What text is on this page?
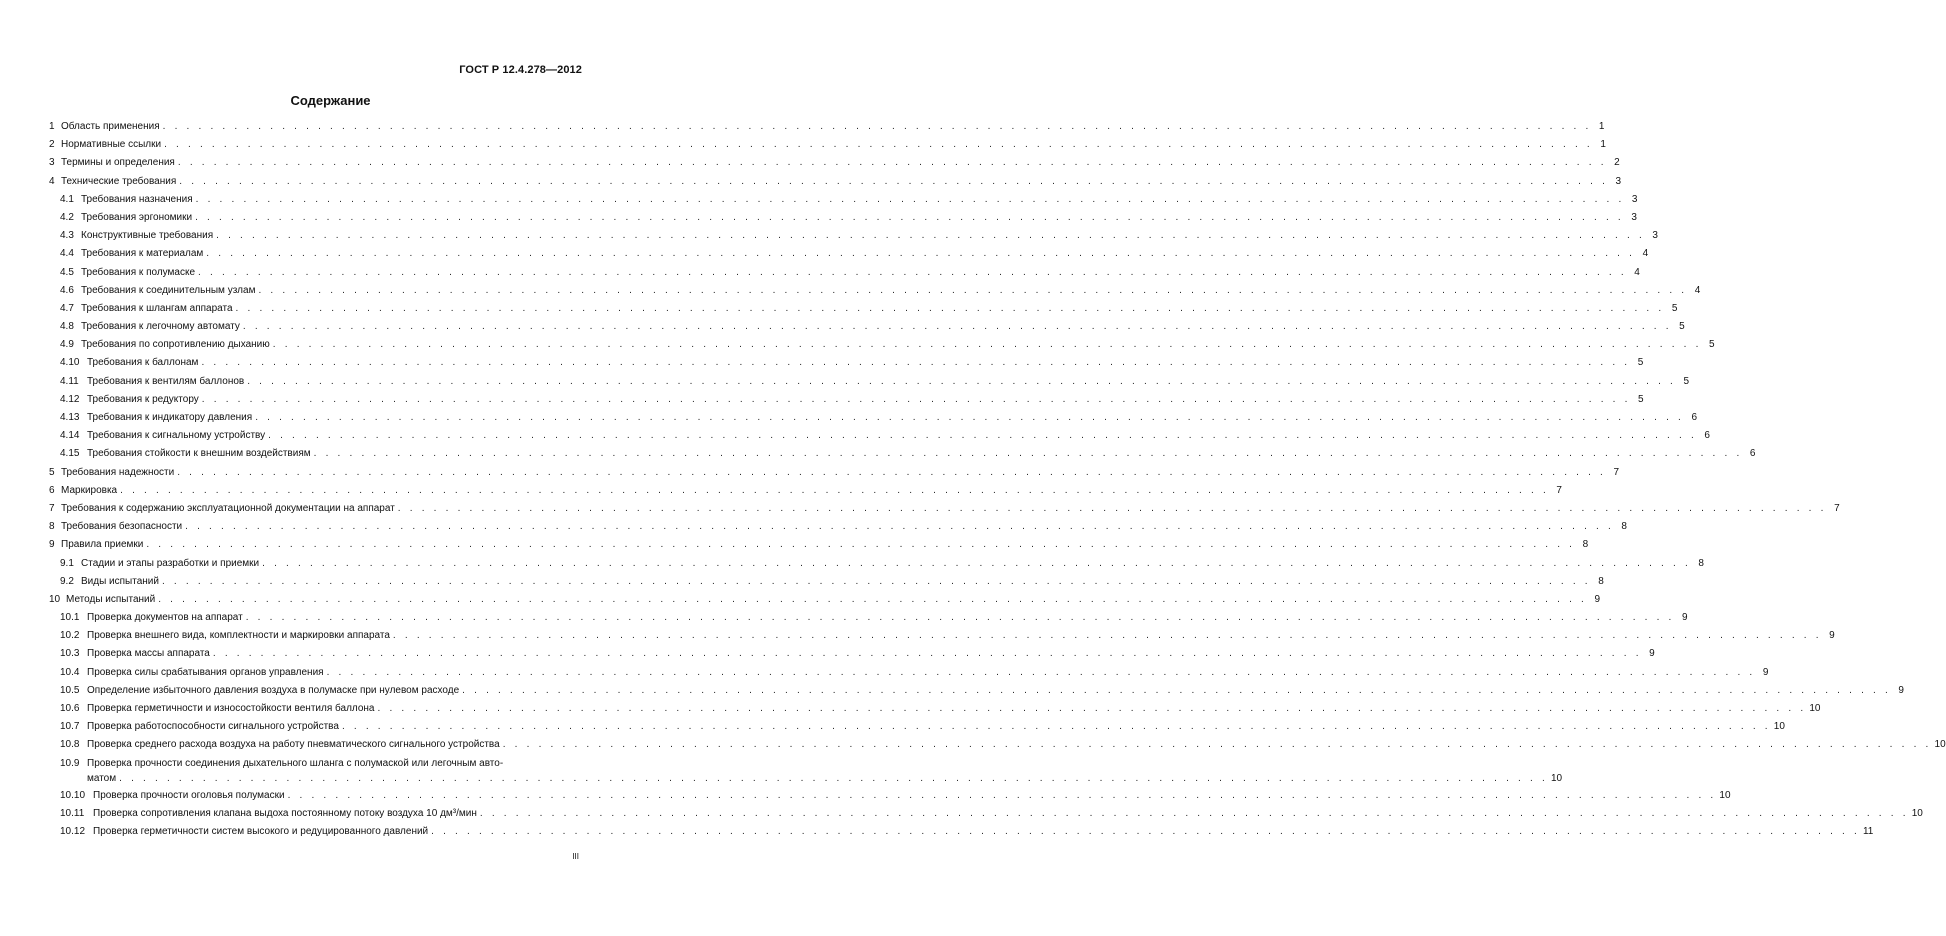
ГОСТ Р 12.4.278—2012
Содержание
1 Область применения . . . . . . . . . . . . . . . . . . . . . . . . . . . . . . . . . . . . . . . . . . . . . . . . . . . . . . . . . . . . . . . . . . . . . . . . . . . . . . . . . . . . . . . . . . . . . . . . . . . . . . . . . . . . . . . . . . . . . . . . 1
2 Нормативные ссылки . . . . . . . . . . . . . . . . . . . . . . . . . . . . . . . . . . . . . . . . . . . . . . . . . . . . . . . . . . . . . . . . . . . . . . . . . . . . . . . . . . . . . . . . . . . . . . . . . . . . . . . . . . . . . . . . . . . . . . . . 1
3 Термины и определения . . . . . . . . . . . . . . . . . . . . . . . . . . . . . . . . . . . . . . . . . . . . . . . . . . . . . . . . . . . . . . . . . . . . . . . . . . . . . . . . . . . . . . . . . . . . . . . . . . . . . . . . . . . . . . . . . . . . . . . . 2
4 Технические требования . . . . . . . . . . . . . . . . . . . . . . . . . . . . . . . . . . . . . . . . . . . . . . . . . . . . . . . . . . . . . . . . . . . . . . . . . . . . . . . . . . . . . . . . . . . . . . . . . . . . . . . . . . . . . . . . . . . . . . . . 3
4.1 Требования назначения . . . . . . . . . . . . . . . . . . . . . . . . . . . . . . . . . . . . . . . . . . . . . . . . . . . . . . . . . . . . . . . . . . . . . . . . . . . . . . . . . . . . . . . . . . . . . . . . . . . . . . . . . . . . . . . . . . . . . . . . 3
4.2 Требования эргономики . . . . . . . . . . . . . . . . . . . . . . . . . . . . . . . . . . . . . . . . . . . . . . . . . . . . . . . . . . . . . . . . . . . . . . . . . . . . . . . . . . . . . . . . . . . . . . . . . . . . . . . . . . . . . . . . . . . . . . . . 3
4.3 Конструктивные требования . . . . . . . . . . . . . . . . . . . . . . . . . . . . . . . . . . . . . . . . . . . . . . . . . . . . . . . . . . . . . . . . . . . . . . . . . . . . . . . . . . . . . . . . . . . . . . . . . . . . . . . . . . . . . . . . . . . . . . . . 3
4.4 Требования к материалам . . . . . . . . . . . . . . . . . . . . . . . . . . . . . . . . . . . . . . . . . . . . . . . . . . . . . . . . . . . . . . . . . . . . . . . . . . . . . . . . . . . . . . . . . . . . . . . . . . . . . . . . . . . . . . . . . . . . . . . . 4
4.5 Требования к полумаске . . . . . . . . . . . . . . . . . . . . . . . . . . . . . . . . . . . . . . . . . . . . . . . . . . . . . . . . . . . . . . . . . . . . . . . . . . . . . . . . . . . . . . . . . . . . . . . . . . . . . . . . . . . . . . . . . . . . . . . . 4
4.6 Требования к соединительным узлам . . . . . . . . . . . . . . . . . . . . . . . . . . . . . . . . . . . . . . . . . . . . . . . . . . . . . . . . . . . . . . . . . . . . . . . . . . . . . . . . . . . . . . . . . . . . . . . . . . . . . . . . . . . . . . . . . . . . . . . . 4
4.7 Требования к шлангам аппарата . . . . . . . . . . . . . . . . . . . . . . . . . . . . . . . . . . . . . . . . . . . . . . . . . . . . . . . . . . . . . . . . . . . . . . . . . . . . . . . . . . . . . . . . . . . . . . . . . . . . . . . . . . . . . . . . . . . . . . . . 5
4.8 Требования к легочному автомату . . . . . . . . . . . . . . . . . . . . . . . . . . . . . . . . . . . . . . . . . . . . . . . . . . . . . . . . . . . . . . . . . . . . . . . . . . . . . . . . . . . . . . . . . . . . . . . . . . . . . . . . . . . . . . . . . . . . . . . . 5
4.9 Требования по сопротивлению дыханию . . . . . . . . . . . . . . . . . . . . . . . . . . . . . . . . . . . . . . . . . . . . . . . . . . . . . . . . . . . . . . . . . . . . . . . . . . . . . . . . . . . . . . . . . . . . . . . . . . . . . . . . . . . . . . . . . . . . . . . . 5
4.10 Требования к баллонам . . . . . . . . . . . . . . . . . . . . . . . . . . . . . . . . . . . . . . . . . . . . . . . . . . . . . . . . . . . . . . . . . . . . . . . . . . . . . . . . . . . . . . . . . . . . . . . . . . . . . . . . . . . . . . . . . . . . . . . . 5
4.11 Требования к вентилям баллонов . . . . . . . . . . . . . . . . . . . . . . . . . . . . . . . . . . . . . . . . . . . . . . . . . . . . . . . . . . . . . . . . . . . . . . . . . . . . . . . . . . . . . . . . . . . . . . . . . . . . . . . . . . . . . . . . . . . . . . . . 5
4.12 Требования к редуктору . . . . . . . . . . . . . . . . . . . . . . . . . . . . . . . . . . . . . . . . . . . . . . . . . . . . . . . . . . . . . . . . . . . . . . . . . . . . . . . . . . . . . . . . . . . . . . . . . . . . . . . . . . . . . . . . . . . . . . . . 5
4.13 Требования к индикатору давления . . . . . . . . . . . . . . . . . . . . . . . . . . . . . . . . . . . . . . . . . . . . . . . . . . . . . . . . . . . . . . . . . . . . . . . . . . . . . . . . . . . . . . . . . . . . . . . . . . . . . . . . . . . . . . . . . . . . . . . . 6
4.14 Требования к сигнальному устройству . . . . . . . . . . . . . . . . . . . . . . . . . . . . . . . . . . . . . . . . . . . . . . . . . . . . . . . . . . . . . . . . . . . . . . . . . . . . . . . . . . . . . . . . . . . . . . . . . . . . . . . . . . . . . . . . . . . . . . . . 6
4.15 Требования стойкости к внешним воздействиям . . . . . . . . . . . . . . . . . . . . . . . . . . . . . . . . . . . . . . . . . . . . . . . . . . . . . . . . . . . . . . . . . . . . . . . . . . . . . . . . . . . . . . . . . . . . . . . . . . . . . . . . . . . . . . . . . . . . . . . . 6
5 Требования надежности . . . . . . . . . . . . . . . . . . . . . . . . . . . . . . . . . . . . . . . . . . . . . . . . . . . . . . . . . . . . . . . . . . . . . . . . . . . . . . . . . . . . . . . . . . . . . . . . . . . . . . . . . . . . . . . . . . . . . . . . 7
6 Маркировка . . . . . . . . . . . . . . . . . . . . . . . . . . . . . . . . . . . . . . . . . . . . . . . . . . . . . . . . . . . . . . . . . . . . . . . . . . . . . . . . . . . . . . . . . . . . . . . . . . . . . . . . . . . . . . . . . . . . . . . . 7
7 Требования к содержанию эксплуатационной документации на аппарат . . . . . . . . . . . . . . . . . . . . . . . . . . . . . . . . . . . . . . . . . . . . . . . . . . . . . . . . . . . . . . . . . . . . . . . . . . . . . . . . . . . . . . . . . . . . . . . . . . . . . . . . . . . . . . . . . . . . . . . . 7
8 Требования безопасности . . . . . . . . . . . . . . . . . . . . . . . . . . . . . . . . . . . . . . . . . . . . . . . . . . . . . . . . . . . . . . . . . . . . . . . . . . . . . . . . . . . . . . . . . . . . . . . . . . . . . . . . . . . . . . . . . . . . . . . . 8
9 Правила приемки . . . . . . . . . . . . . . . . . . . . . . . . . . . . . . . . . . . . . . . . . . . . . . . . . . . . . . . . . . . . . . . . . . . . . . . . . . . . . . . . . . . . . . . . . . . . . . . . . . . . . . . . . . . . . . . . . . . . . . . . 8
9.1 Стадии и этапы разработки и приемки . . . . . . . . . . . . . . . . . . . . . . . . . . . . . . . . . . . . . . . . . . . . . . . . . . . . . . . . . . . . . . . . . . . . . . . . . . . . . . . . . . . . . . . . . . . . . . . . . . . . . . . . . . . . . . . . . . . . . . . . 8
9.2 Виды испытаний . . . . . . . . . . . . . . . . . . . . . . . . . . . . . . . . . . . . . . . . . . . . . . . . . . . . . . . . . . . . . . . . . . . . . . . . . . . . . . . . . . . . . . . . . . . . . . . . . . . . . . . . . . . . . . . . . . . . . . . . 8
10 Методы испытаний . . . . . . . . . . . . . . . . . . . . . . . . . . . . . . . . . . . . . . . . . . . . . . . . . . . . . . . . . . . . . . . . . . . . . . . . . . . . . . . . . . . . . . . . . . . . . . . . . . . . . . . . . . . . . . . . . . . . . . . . 9
10.1 Проверка документов на аппарат . . . . . . . . . . . . . . . . . . . . . . . . . . . . . . . . . . . . . . . . . . . . . . . . . . . . . . . . . . . . . . . . . . . . . . . . . . . . . . . . . . . . . . . . . . . . . . . . . . . . . . . . . . . . . . . . . . . . . . . . 9
10.2 Проверка внешнего вида, комплектности и маркировки аппарата . . . . . . . . . . . . . . . . . . . . . . . . . . . . . . . . . . . . . . . . . . . . . . . . . . . . . . . . . . . . . . . . . . . . . . . . . . . . . . . . . . . . . . . . . . . . . . . . . . . . . . . . . . . . . . . . . . . . . . . . 9
10.3 Проверка массы аппарата . . . . . . . . . . . . . . . . . . . . . . . . . . . . . . . . . . . . . . . . . . . . . . . . . . . . . . . . . . . . . . . . . . . . . . . . . . . . . . . . . . . . . . . . . . . . . . . . . . . . . . . . . . . . . . . . . . . . . . . . 9
10.4 Проверка силы срабатывания органов управления . . . . . . . . . . . . . . . . . . . . . . . . . . . . . . . . . . . . . . . . . . . . . . . . . . . . . . . . . . . . . . . . . . . . . . . . . . . . . . . . . . . . . . . . . . . . . . . . . . . . . . . . . . . . . . . . . . . . . . . . 9
10.5 Определение избыточного давления воздуха в полумаске при нулевом расходе . . . . . . . . . . . . . . . . . . . . . . . . . . . . . . . . . . . . . . . . . . . . . . . . . . . . . . . . . . . . . . . . . . . . . . . . . . . . . . . . . . . . . . . . . . . . . . . . . . . . . . . . . . . . . . . . . . . . . . . . 9
10.6 Проверка герметичности и износостойкости вентиля баллона . . . . . . . . . . . . . . . . . . . . . . . . . . . . . . . . . . . . . . . . . . . . . . . . . . . . . . . . . . . . . . . . . . . . . . . . . . . . . . . . . . . . . . . . . . . . . . . . . . . . . . . . . . . . . . . . . . . . . . . . 10
10.7 Проверка работоспособности сигнального устройства . . . . . . . . . . . . . . . . . . . . . . . . . . . . . . . . . . . . . . . . . . . . . . . . . . . . . . . . . . . . . . . . . . . . . . . . . . . . . . . . . . . . . . . . . . . . . . . . . . . . . . . . . . . . . . . . . . . . . . . . 10
10.8 Проверка среднего расхода воздуха на работу пневматического сигнального устройства . . . . . . . . . . . . . . . . . . . . . . . . . . . . . . . . . . . . . . . . . . . . . . . . . . . . . . . . . . . . . . . . . . . . . . . . . . . . . . . . . . . . . . . . . . . . . . . . . . . . . . . . . . . . . . . . . . . . . . . . 10
10.9 Проверка прочности соединения дыхательного шланга с полумаской или легочным авто-
матом . . . . . . . . . . . . . . . . . . . . . . . . . . . . . . . . . . . . . . . . . . . . . . . . . . . . . . . . . . . . . . . . . . . . . . . . . . . . . . . . . . . . . . . . . . . . . . . . . . . . . . . . . . . . . . . . . . . . . . . . 10
10.10 Проверка прочности оголовья полумаски . . . . . . . . . . . . . . . . . . . . . . . . . . . . . . . . . . . . . . . . . . . . . . . . . . . . . . . . . . . . . . . . . . . . . . . . . . . . . . . . . . . . . . . . . . . . . . . . . . . . . . . . . . . . . . . . . . . . . . . . 10
10.11 Проверка сопротивления клапана выдоха постоянному потоку воздуха 10 дм³/мин . . . . . . . . . . . . . . . . . . . . . . . . . . . . . . . . . . . . . . . . . . . . . . . . . . . . . . . . . . . . . . . . . . . . . . . . . . . . . . . . . . . . . . . . . . . . . . . . . . . . . . . . . . . . . . . . . . . . . . . . 10
10.12 Проверка герметичности систем высокого и редуцированного давлений . . . . . . . . . . . . . . . . . . . . . . . . . . . . . . . . . . . . . . . . . . . . . . . . . . . . . . . . . . . . . . . . . . . . . . . . . . . . . . . . . . . . . . . . . . . . . . . . . . . . . . . . . . . . . . . . . . . . . . . . 11
III
